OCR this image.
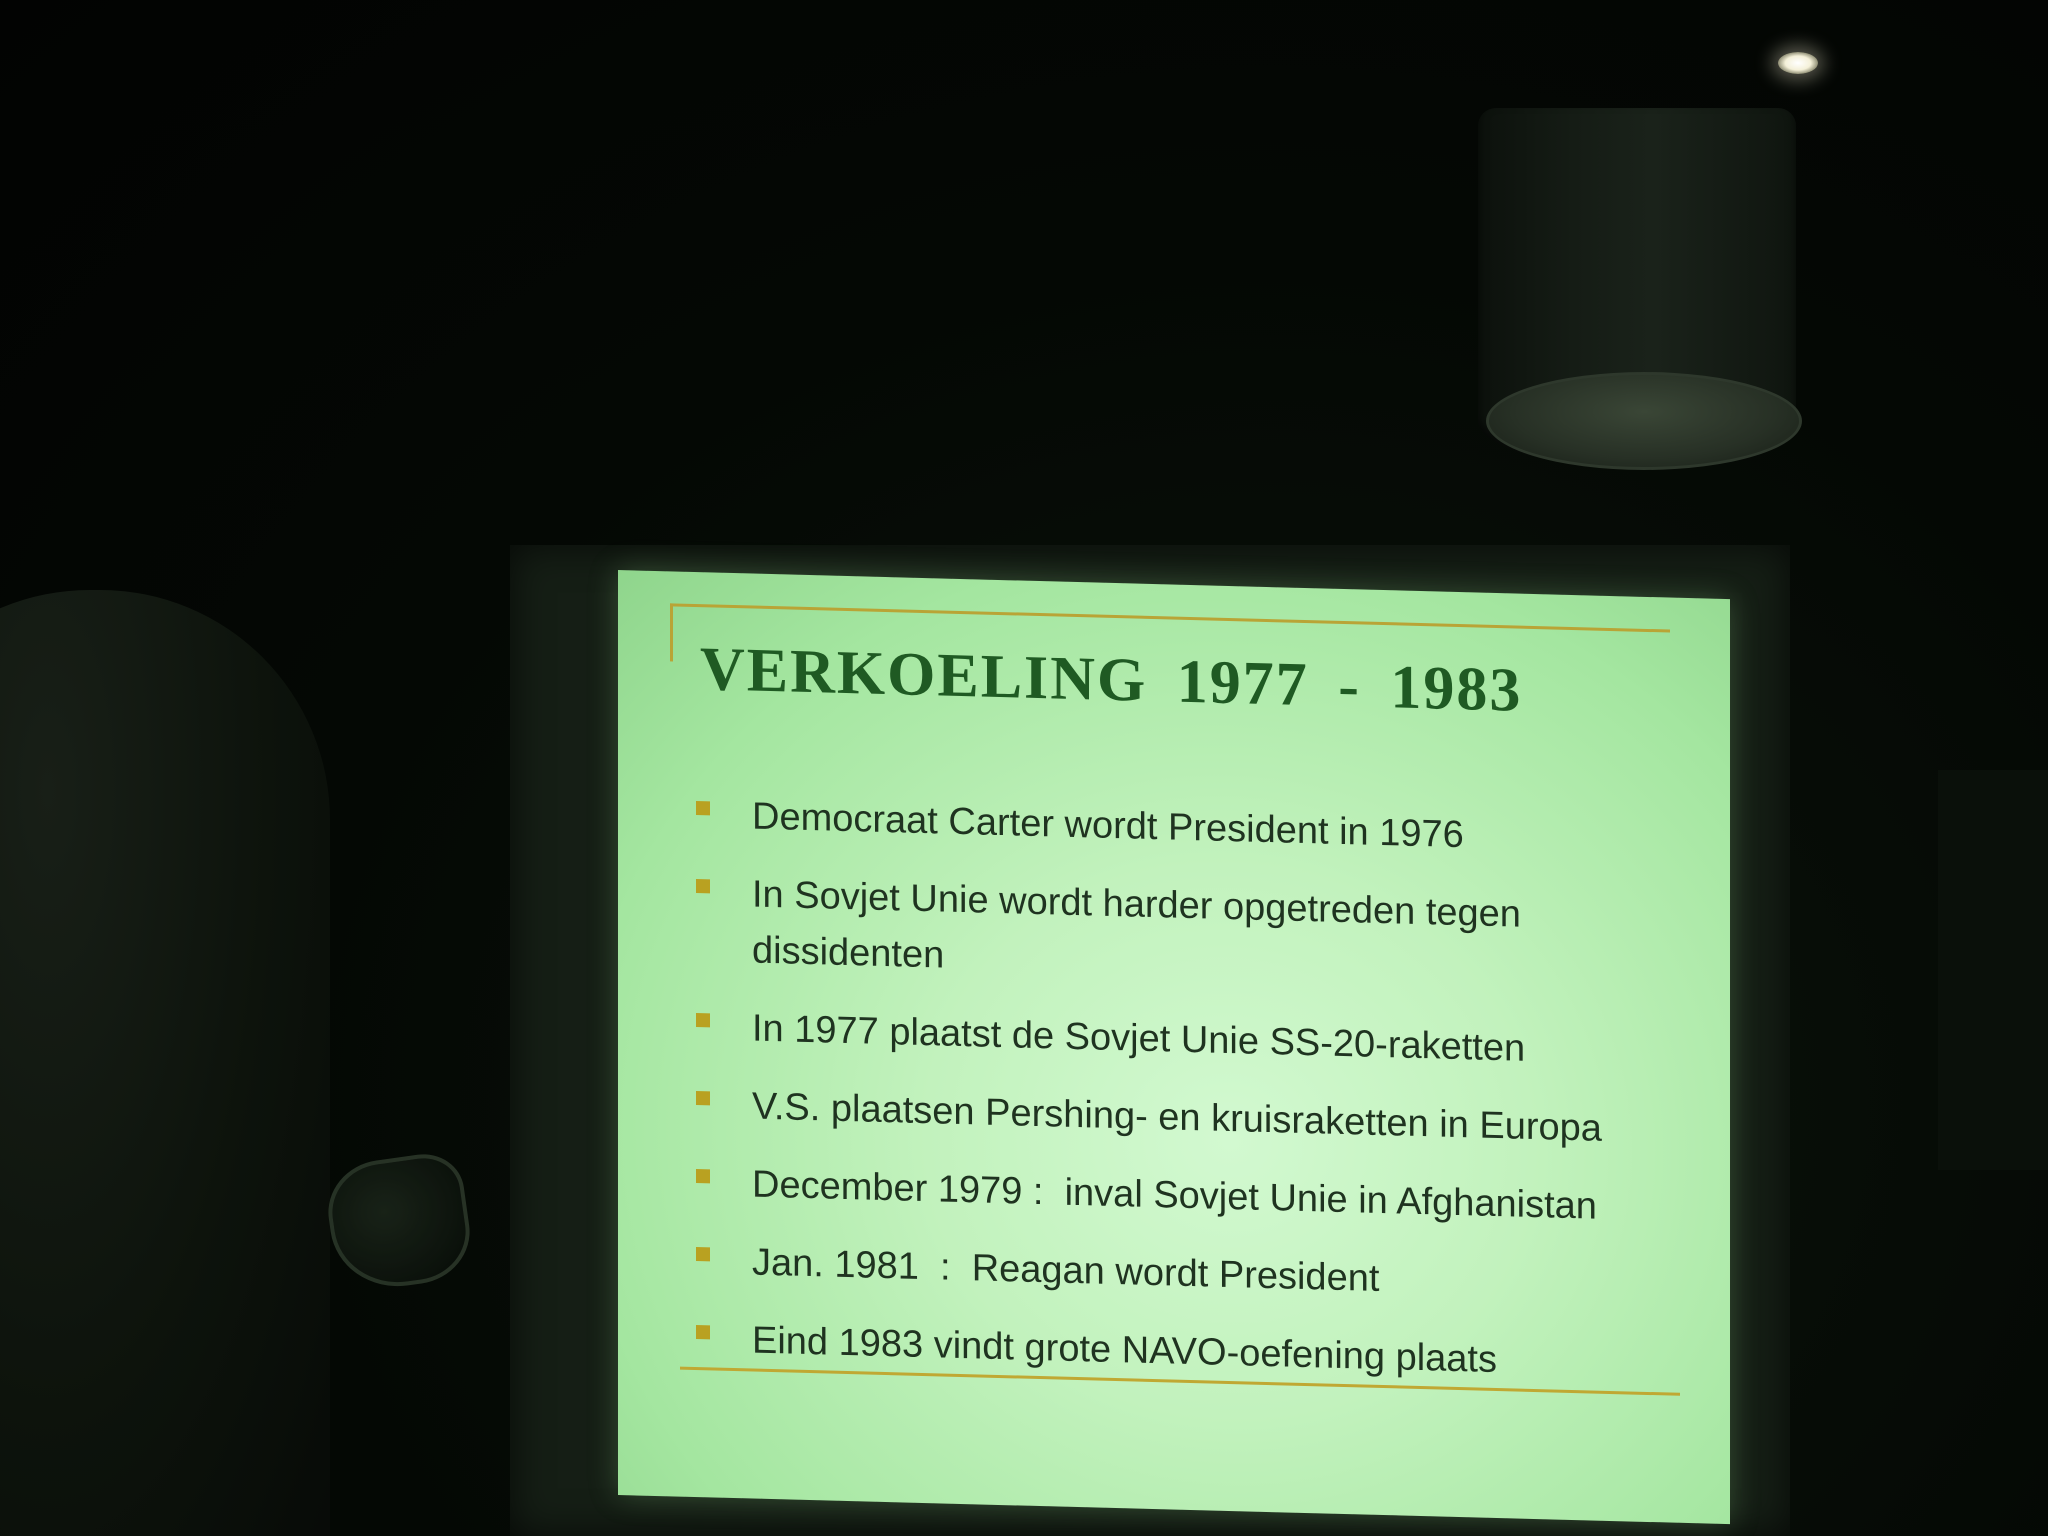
VERKOELING 1977 - 1983
Democraat Carter wordt President in 1976
In Sovjet Unie wordt harder opgetreden tegen dissidenten
In 1977 plaatst de Sovjet Unie SS-20-raketten
V.S. plaatsen Pershing- en kruisraketten in Europa
December 1979 :  inval Sovjet Unie in Afghanistan
Jan. 1981  :  Reagan wordt President
Eind 1983 vindt grote NAVO-oefening plaats
